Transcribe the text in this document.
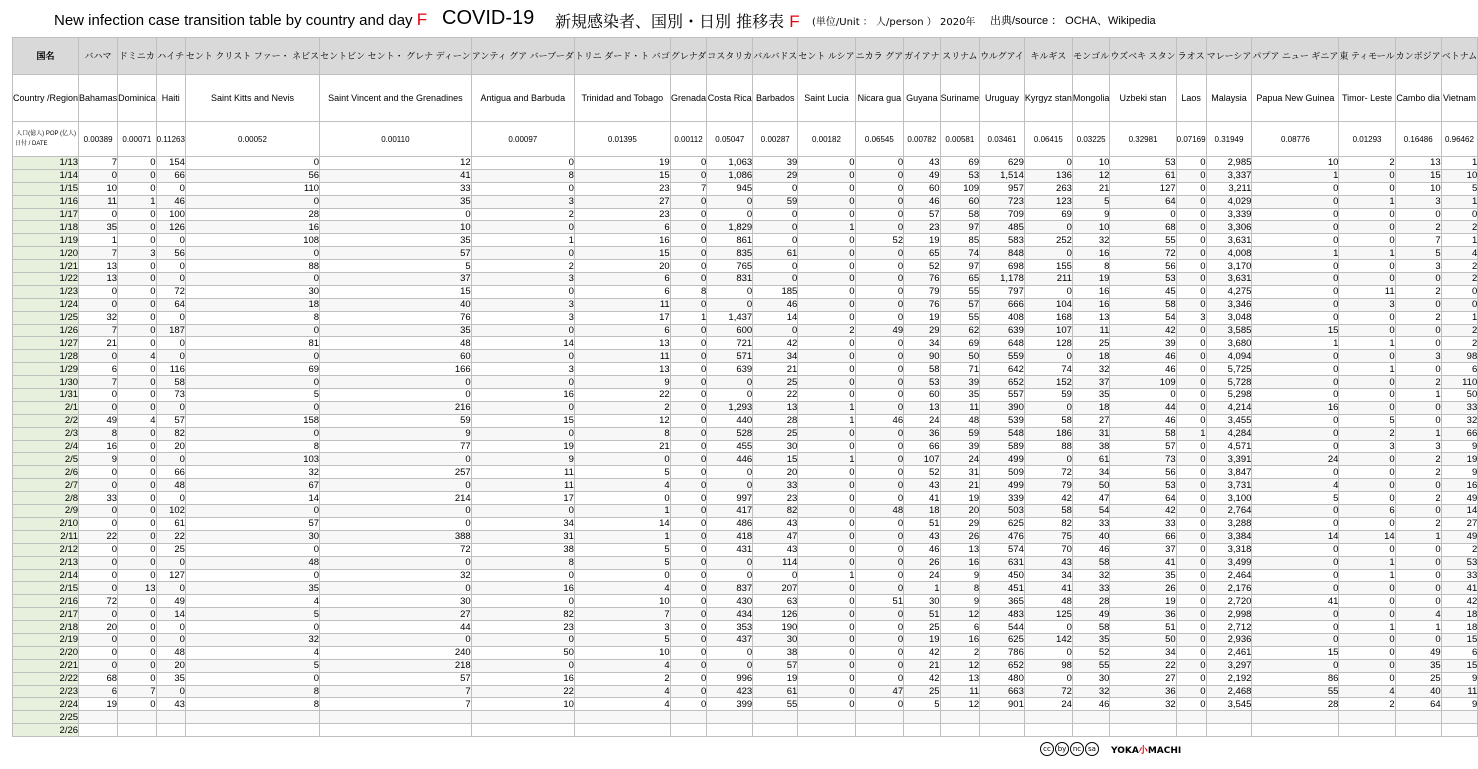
New infection case transition table by country and day F COVID-19 新規感染者、国別・日別 推移表 F (単位/Unit ： 人/person ） 2020年 出典/source ： OCHA、Wikipedia
国名	バハマ	ドミニカ	ハイチ	セント クリスト ファー・ ネビス	セントビン セント・ グレナ ディーン	アンティ グア バーブーダ	トリニ ダード・ト バゴ	グレナダ	コスタリカ	バルバドス	セント ルシア	ニカラ グア	ガイアナ	スリナム	ウルグアイ	キルギス	モンゴル	ウズベキ スタン	ラオス	マレーシア	パプア ニュー ギニア	東 ティモール	カンボジア	ベトナム
Country /Region	Bahamas	Dominica	Haiti	Saint Kitts and Nevis	Saint Vincent and the Grenadines	Antigua and Barbuda	Trinidad and Tobago	Grenada	Costa Rica	Barbados	Saint Lucia	Nicara gua	Guyana	Suriname	Uruguay	Kyrgyz stan	Mongolia	Uzbeki stan	Laos	Malaysia	Papua New Guinea	Timor- Leste	Cambo dia	Vietnam

人口(億人) POP (亿人)
日付 / DATE	0.00389	0.00071	0.11263	0.00052	0.00110	0.00097	0.01395	0.00112	0.05047	0.00287	0.00182	0.06545	0.00782	0.00581	0.03461	0.06415	0.03225	0.32981	0.07169	0.31949	0.08776	0.01293	0.16486	0.96462
1/13	7	0	154	0	12	0	19	0	1,063	39	0	0	43	69	629	0	10	53	0	2,985	10	2	13	1
1/14	0	0	66	56	41	8	15	0	1,086	29	0	0	49	53	1,514	136	12	61	0	3,337	1	0	15	10
1/15	10	0	0	110	33	0	23	7	945	0	0	0	60	109	957	263	21	127	0	3,211	0	0	10	5
1/16	11	1	46	0	35	3	27	0	0	59	0	0	46	60	723	123	5	64	0	4,029	0	1	3	1
1/17	0	0	100	28	0	2	23	0	0	0	0	0	57	58	709	69	9	0	0	3,339	0	0	0	0
1/18	35	0	126	16	10	0	6	0	1,829	0	1	0	23	97	485	0	10	68	0	3,306	0	0	2	2
1/19	1	0	0	108	35	1	16	0	861	0	0	52	19	85	583	252	32	55	0	3,631	0	0	7	1
1/20	7	3	56	0	57	0	15	0	835	61	0	0	65	74	848	0	16	72	0	4,008	1	1	5	4
1/21	13	0	0	88	5	2	20	0	765	0	0	0	52	97	698	155	8	56	0	3,170	0	0	3	2
1/22	13	0	0	0	37	3	6	0	831	0	0	0	76	65	1,178	211	19	53	0	3,631	0	0	0	2
1/23	0	0	72	30	15	0	6	8	0	185	0	0	79	55	797	0	16	45	0	4,275	0	11	2	0
1/24	0	0	64	18	40	3	11	0	0	46	0	0	76	57	666	104	16	58	0	3,346	0	3	0	0
1/25	32	0	0	8	76	3	17	1	1,437	14	0	0	19	55	408	168	13	54	3	3,048	0	0	2	1
1/26	7	0	187	0	35	0	6	0	600	0	2	49	29	62	639	107	11	42	0	3,585	15	0	0	2
1/27	21	0	0	81	48	14	13	0	721	42	0	0	34	69	648	128	25	39	0	3,680	1	1	0	2
1/28	0	4	0	0	60	0	11	0	571	34	0	0	90	50	559	0	18	46	0	4,094	0	0	3	98
1/29	6	0	116	69	166	3	13	0	639	21	0	0	58	71	642	74	32	46	0	5,725	0	1	0	6
1/30	7	0	58	0	0	0	9	0	0	25	0	0	53	39	652	152	37	109	0	5,728	0	0	2	110
1/31	0	0	73	5	0	16	22	0	0	22	0	0	60	35	557	59	35	0	0	5,298	0	0	1	50
2/1	0	0	0	0	216	0	2	0	1,293	13	1	0	13	11	390	0	18	44	0	4,214	16	0	0	33
2/2	49	4	57	158	59	15	12	0	440	28	1	46	24	48	539	58	27	46	0	3,455	0	5	0	32
2/3	8	0	82	0	9	0	8	0	528	25	0	0	36	59	548	186	31	58	1	4,284	0	2	1	66
2/4	16	0	20	8	77	19	21	0	455	30	0	0	66	39	589	88	38	57	0	4,571	0	3	3	9
2/5	9	0	0	103	0	9	0	0	446	15	1	0	107	24	499	0	61	73	0	3,391	24	0	2	19
2/6	0	0	66	32	257	11	5	0	0	20	0	0	52	31	509	72	34	56	0	3,847	0	0	2	9
2/7	0	0	48	67	0	11	4	0	0	33	0	0	43	21	499	79	50	53	0	3,731	4	0	0	16
2/8	33	0	0	14	214	17	0	0	997	23	0	0	41	19	339	42	47	64	0	3,100	5	0	2	49
2/9	0	0	102	0	0	0	1	0	417	82	0	48	18	20	503	58	54	42	0	2,764	0	6	0	14
2/10	0	0	61	57	0	34	14	0	486	43	0	0	51	29	625	82	33	33	0	3,288	0	0	2	27
2/11	22	0	22	30	388	31	1	0	418	47	0	0	43	26	476	75	40	66	0	3,384	14	14	1	49
2/12	0	0	25	0	72	38	5	0	431	43	0	0	46	13	574	70	46	37	0	3,318	0	0	0	2
2/13	0	0	0	48	0	8	5	0	0	114	0	0	26	16	631	43	58	41	0	3,499	0	1	0	53
2/14	0	0	127	0	32	0	0	0	0	0	1	0	24	9	450	34	32	35	0	2,464	0	1	0	33
2/15	0	13	0	35	0	16	4	0	837	207	0	0	1	8	451	41	33	26	0	2,176	0	0	0	41
2/16	72	0	49	4	30	0	10	0	430	63	0	51	30	9	365	48	28	19	0	2,720	41	0	0	42
2/17	0	0	14	5	27	82	7	0	434	126	0	0	51	12	483	125	49	36	0	2,998	0	0	4	18
2/18	20	0	0	0	44	23	3	0	353	190	0	0	25	6	544	0	58	51	0	2,712	0	1	1	18
2/19	0	0	0	32	0	0	5	0	437	30	0	0	19	16	625	142	35	50	0	2,936	0	0	0	15
2/20	0	0	48	4	240	50	10	0	0	38	0	0	42	2	786	0	52	34	0	2,461	15	0	49	6
2/21	0	0	20	5	218	0	4	0	0	57	0	0	21	12	652	98	55	22	0	3,297	0	0	35	15
2/22	68	0	35	0	57	16	2	0	996	19	0	0	42	13	480	0	30	27	0	2,192	86	0	25	9
2/23	6	7	0	8	7	22	4	0	423	61	0	47	25	11	663	72	32	36	0	2,468	55	4	40	11
2/24	19	0	43	8	7	10	4	0	399	55	0	0	5	12	901	24	46	32	0	3,545	28	2	64	9
2/25																								
2/26																								
cc by nc sa	YOKA小MACHI
